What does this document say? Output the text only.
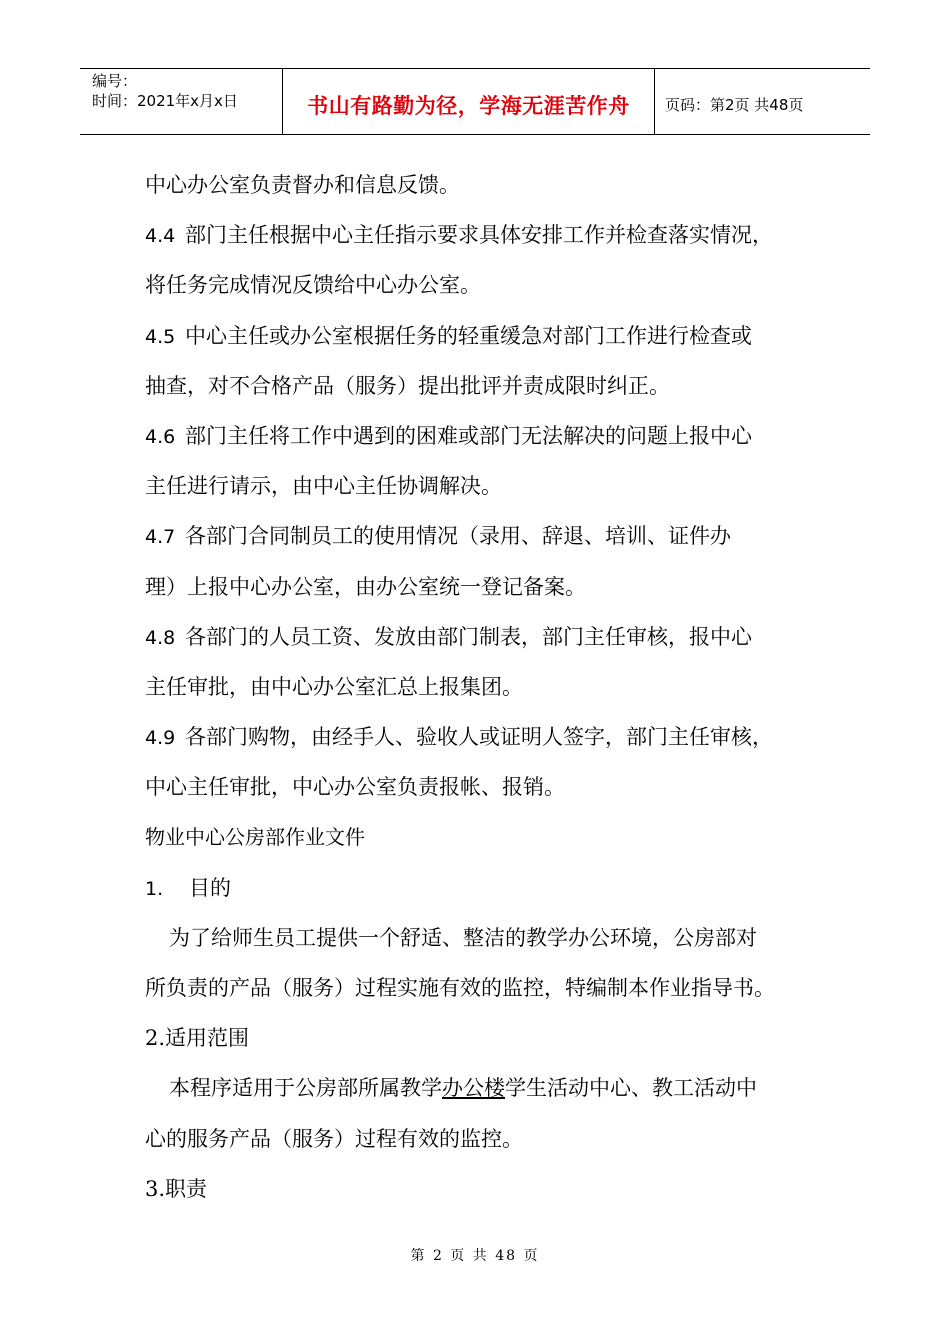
编号：
时间：2021年x月x日	书山有路勤为径，学海无涯苦作舟	页码：第2页 共48页
中心办公室负责督办和信息反馈。
4.4 部门主任根据中心主任指示要求具体安排工作并检查落实情况，
将任务完成情况反馈给中心办公室。
4.5 中心主任或办公室根据任务的轻重缓急对部门工作进行检查或
抽查，对不合格产品（服务）提出批评并责成限时纠正。
4.6 部门主任将工作中遇到的困难或部门无法解决的问题上报中心
主任进行请示，由中心主任协调解决。
4.7 各部门合同制员工的使用情况（录用、辞退、培训、证件办
理）上报中心办公室，由办公室统一登记备案。
4.8 各部门的人员工资、发放由部门制表，部门主任审核，报中心
主任审批，由中心办公室汇总上报集团。
4.9 各部门购物，由经手人、验收人或证明人签字，部门主任审核，
中心主任审批，中心办公室负责报帐、报销。
物业中心公房部作业文件
1. 目的
为了给师生员工提供一个舒适、整洁的教学办公环境，公房部对
所负责的产品（服务）过程实施有效的监控，特编制本作业指导书。
2.适用范围
本程序适用于公房部所属教学办公楼学生活动中心、教工活动中
心的服务产品（服务）过程有效的监控。
3.职责
第 2 页 共 48 页
